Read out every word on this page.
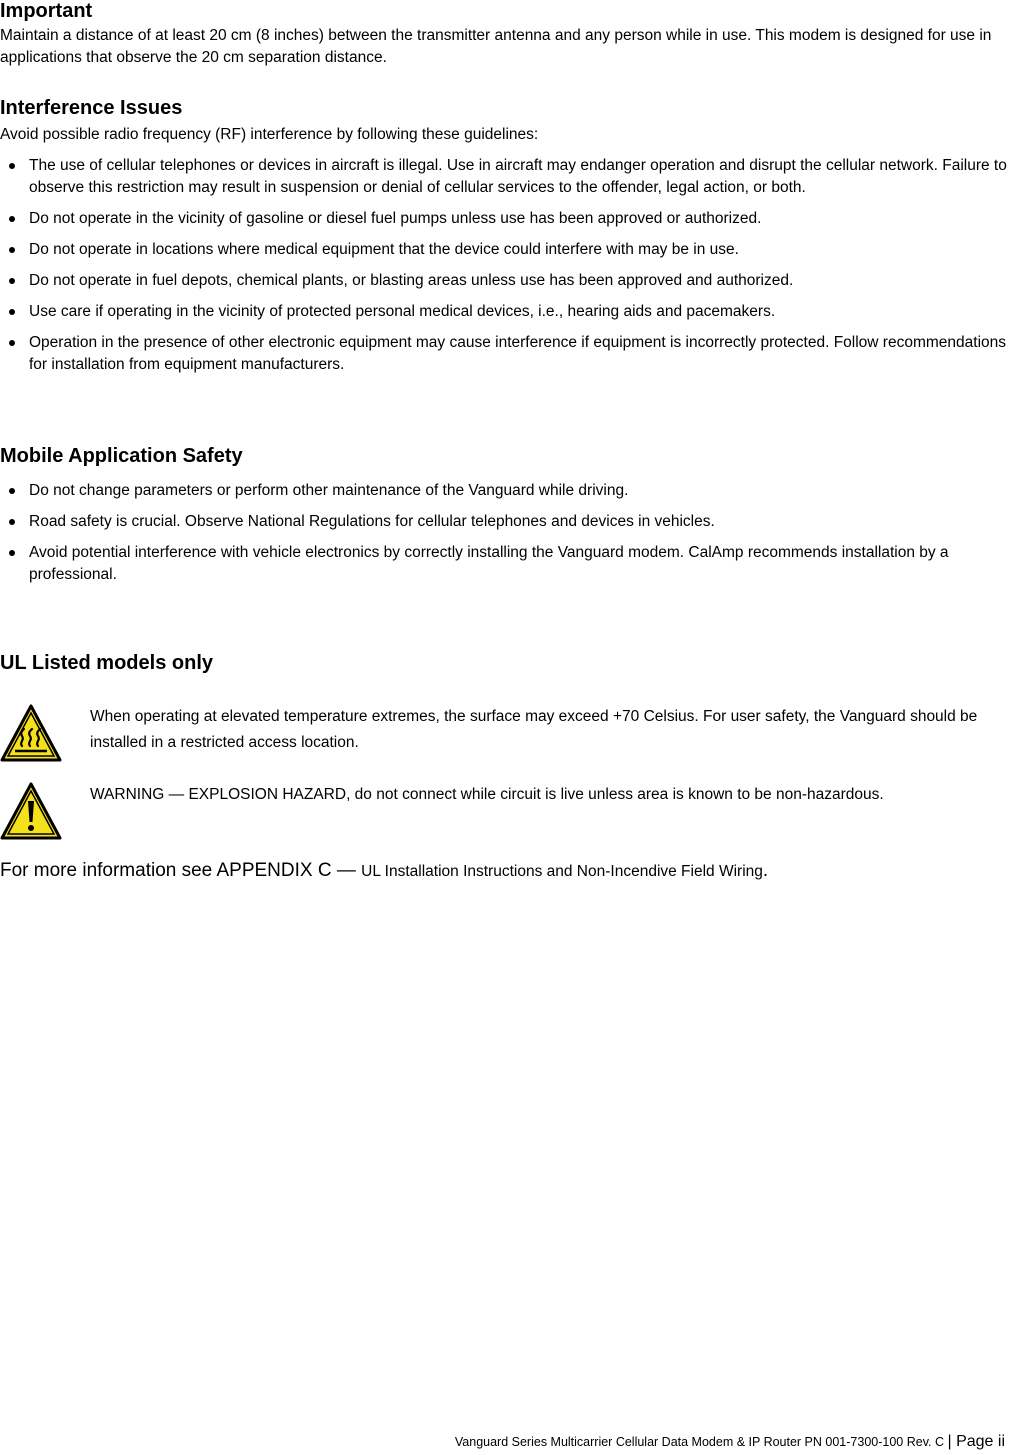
Important

Maintain a distance of at least 20 cm (8 inches) between the transmitter antenna and any person while in use. This modem is designed for use in applications that observe the 20 cm separation distance.

Interference Issues

Avoid possible radio frequency (RF) interference by following these guidelines:

The use of cellular telephones or devices in aircraft is illegal. Use in aircraft may endanger operation and disrupt the cellular network. Failure to observe this restriction may result in suspension or denial of cellular services to the offender, legal action, or both.
Do not operate in the vicinity of gasoline or diesel fuel pumps unless use has been approved or authorized.
Do not operate in locations where medical equipment that the device could interfere with may be in use.
Do not operate in fuel depots, chemical plants, or blasting areas unless use has been approved and authorized.
Use care if operating in the vicinity of protected personal medical devices, i.e., hearing aids and pacemakers.
Operation in the presence of other electronic equipment may cause interference if equipment is incorrectly protected. Follow recommendations for installation from equipment manufacturers.
Mobile Application Safety
Do not change parameters or perform other maintenance of the Vanguard while driving.
Road safety is crucial. Observe National Regulations for cellular telephones and devices in vehicles.
Avoid potential interference with vehicle electronics by correctly installing the Vanguard modem. CalAmp recommends installation by a professional.
UL Listed models only
When operating at elevated temperature extremes, the surface may exceed +70 Celsius. For user safety, the Vanguard should be installed in a restricted access location.
WARNING — EXPLOSION HAZARD, do not connect while circuit is live unless area is known to be non-hazardous.
For more information see APPENDIX C — UL Installation Instructions and Non-Incendive Field Wiring.
Vanguard Series Multicarrier Cellular Data Modem & IP Router PN 001-7300-100 Rev. C | Page ii
